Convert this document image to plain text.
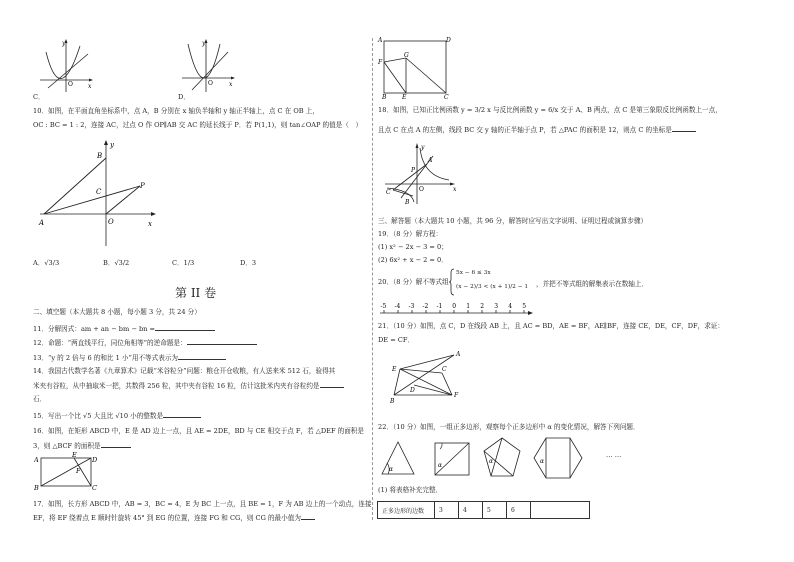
O
y
x
C．
O
y
x
D．
10．如图，在平面直角坐标系中，点 A，B 分别在 x 轴负半轴和 y 轴正半轴上，点 C 在 OB 上，
OC : BC = 1 : 2，连接 AC，过点 O 作 OP∥AB 交 AC 的延长线于 P．若 P(1,1)，则 tan∠OAP 的值是（　）
B
y
C
P
A	O	x
A．√3/3	B．√3/2	C．1/3	D．3
第 II 卷
二、填空题（本大题共 8 小题，每小题 3 分，共 24 分）
11．分解因式：am + an − bm − bn =
12．命题：“两直线平行，同位角相等”的逆命题是：
13．“y 的 2 倍与 6 的和比 1 小”用不等式表示为
14．我国古代数学名著《九章算术》记载“米谷粒分”问题：粮仓开仓收粮，有人送来米 512 石，验得其
米夹有谷粒，从中抽取米一把，共数得 256 粒，其中夹有谷粒 16 粒，估计这批米内夹有谷粒约是
石．
15．写出一个比 √5 大且比 √10 小的整数是
16．如图，在矩形 ABCD 中，E 是 AD 边上一点，且 AE = 2DE，BD 与 CE 相交于点 F，若 △DEF 的面积是
3，则 △BCF 的面积是
A
E
D
F
B	C
17．如图，长方形 ABCD 中，AB = 3，BC = 4，E 为 BC 上一点，且 BE = 1，F 为 AB 边上的一个动点，连接
EF，将 EF 绕着点 E 顺时针旋转 45° 到 EG 的位置，连接 FG 和 CG，则 CG 的最小值为
A	D
F
G
B	E	C
18．如图，已知正比例函数 y = 3/2 x 与反比例函数 y = 6/x 交于 A、B 两点，点 C 是第三象限反比例函数上一点，
且点 C 在点 A 的左侧，线段 BC 交 y 轴的正半轴于点 P，若 △PAC 的面积是 12，则点 C 的坐标是
y
x
A
B
C
P
O
三、解答题（本大题共 10 小题，共 96 分，解答时应写出文字说明、证明过程或演算步骤）
19．（8 分）解方程：
(1) x² − 2x − 3 = 0；
(2) 6x² + x − 2 = 0．
20．（8 分）解不等式组
5x − 6 ≤ 3x
(x − 2)/3 < (x + 1)/2 − 1 ，并把不等式组的解集表示在数轴上．
-5 -4 -3 -2 -1 0 1 2 3 4 5
21．（10 分）如图，点 C，D 在线段 AB 上，且 AC = BD，AE = BF，AE∥BF，连接 CE，DE，CF，DF，求证：
DE = CF．
A
E	C
D
B
F
22．（10 分）如图，一组正多边形，观察每个正多边形中 α 的变化情况，解答下列问题．
α
α
α	α
… …
(1) 将表格补充完整．
正多边形的边数	3	4	5	6	
